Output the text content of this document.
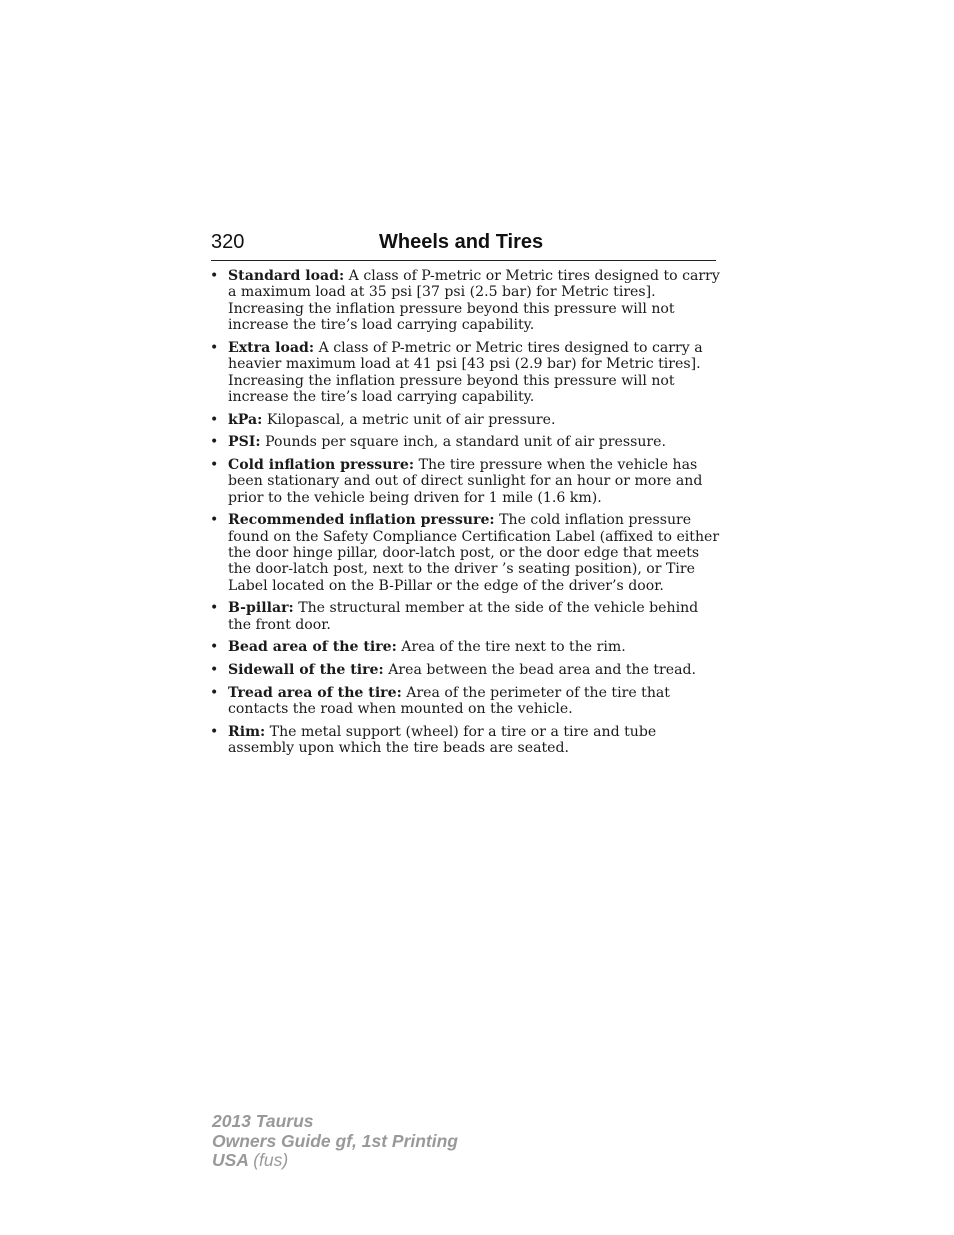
320	Wheels and Tires
• Standard load: A class of P-metric or Metric tires designed to carry a maximum load at 35 psi [37 psi (2.5 bar) for Metric tires]. Increasing the inflation pressure beyond this pressure will not increase the tire’s load carrying capability.
• Extra load: A class of P-metric or Metric tires designed to carry a heavier maximum load at 41 psi [43 psi (2.9 bar) for Metric tires]. Increasing the inflation pressure beyond this pressure will not increase the tire’s load carrying capability.
• kPa: Kilopascal, a metric unit of air pressure.
• PSI: Pounds per square inch, a standard unit of air pressure.
• Cold inflation pressure: The tire pressure when the vehicle has been stationary and out of direct sunlight for an hour or more and prior to the vehicle being driven for 1 mile (1.6 km).
• Recommended inflation pressure: The cold inflation pressure found on the Safety Compliance Certification Label (affixed to either the door hinge pillar, door-latch post, or the door edge that meets the door-latch post, next to the driver ’s seating position), or Tire Label located on the B-Pillar or the edge of the driver’s door.
• B-pillar: The structural member at the side of the vehicle behind the front door.
• Bead area of the tire: Area of the tire next to the rim.
• Sidewall of the tire: Area between the bead area and the tread.
• Tread area of the tire: Area of the perimeter of the tire that contacts the road when mounted on the vehicle.
• Rim: The metal support (wheel) for a tire or a tire and tube assembly upon which the tire beads are seated.
2013 Taurus
Owners Guide gf, 1st Printing
USA (fus)
